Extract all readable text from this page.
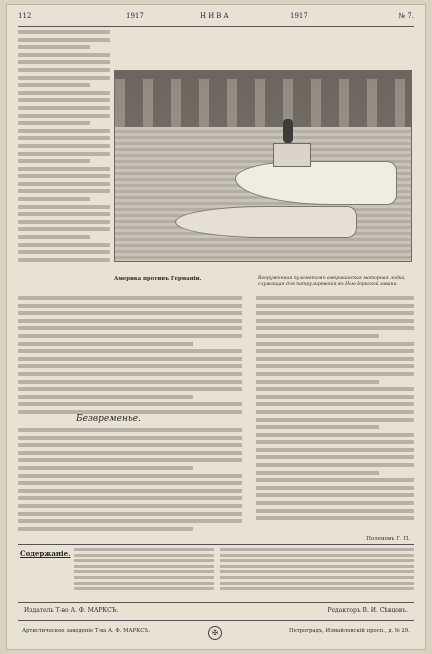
112	1917	НИВА	1917	№ 7.
Америка противъ Германіи.	Вооруженная пулеметомъ американская моторная лодка, служащая для патрулированія въ Нью-Іоркской гавани.
Безвременье.
Поленовъ Г. П.
Содержаніе.
Издатель Т-во А. Ф. МАРКСЪ.	Редакторъ В. И. Сѣвцовъ.
Артистическое заведеніе Т-ва А. Ф. МАРКСЪ.	✠	Петроградъ, Измайловскій просп., д. № 29.
